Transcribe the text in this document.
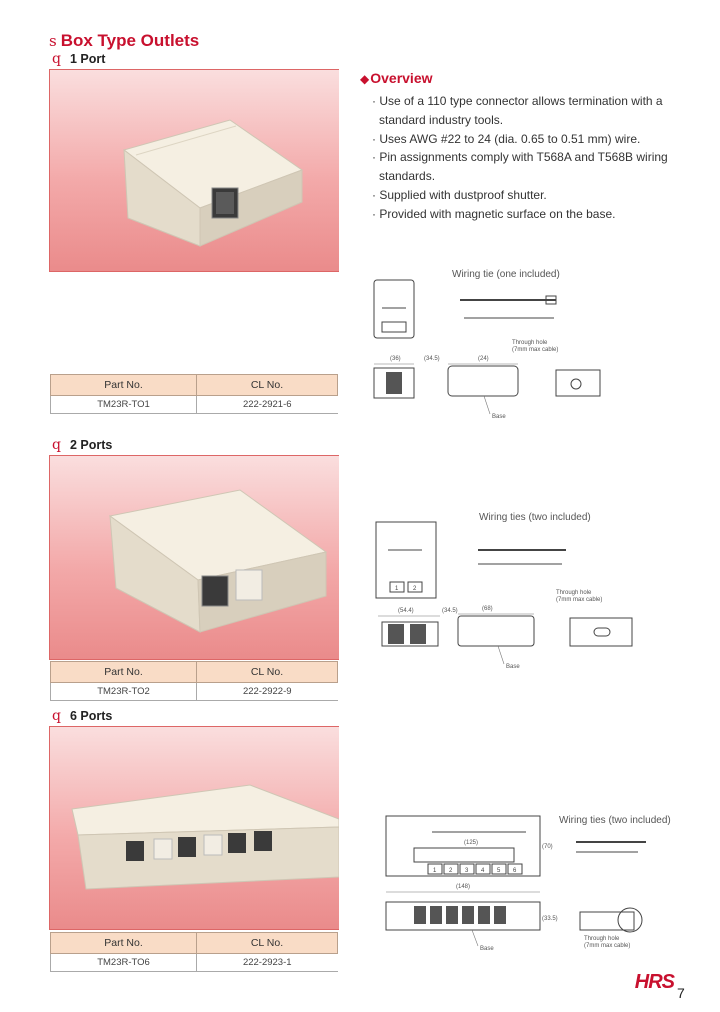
s Box Type Outlets
q 1 Port
Part No.	CL No.
TM23R-TO1	222-2921-6
◆Overview
· Use of a 110 type connector allows termination with a standard industry tools.
· Uses AWG #22 to 24 (dia. 0.65 to 0.51 mm) wire.
· Pin assignments comply with T568A and T568B wiring standards.
· Supplied with dustproof shutter.
· Provided with magnetic surface on the base.
Wiring tie (one included)
(36)	(34.5)	(24)
Base
Through hole
(7mm max cable)
q 2 Ports
Part No.	CL No.
TM23R-TO2	222-2922-9
Wiring ties (two included)
1 2
(54.4)	(34.5)	(68)
Base
Through hole
(7mm max cable)
q 6 Ports
Part No.	CL No.
TM23R-TO6	222-2923-1
Wiring ties (two included)
(125)
(70)
1 2 3 4 5 6
(148)
(33.5)
Base
Through hole
(7mm max cable)
HRS 7
